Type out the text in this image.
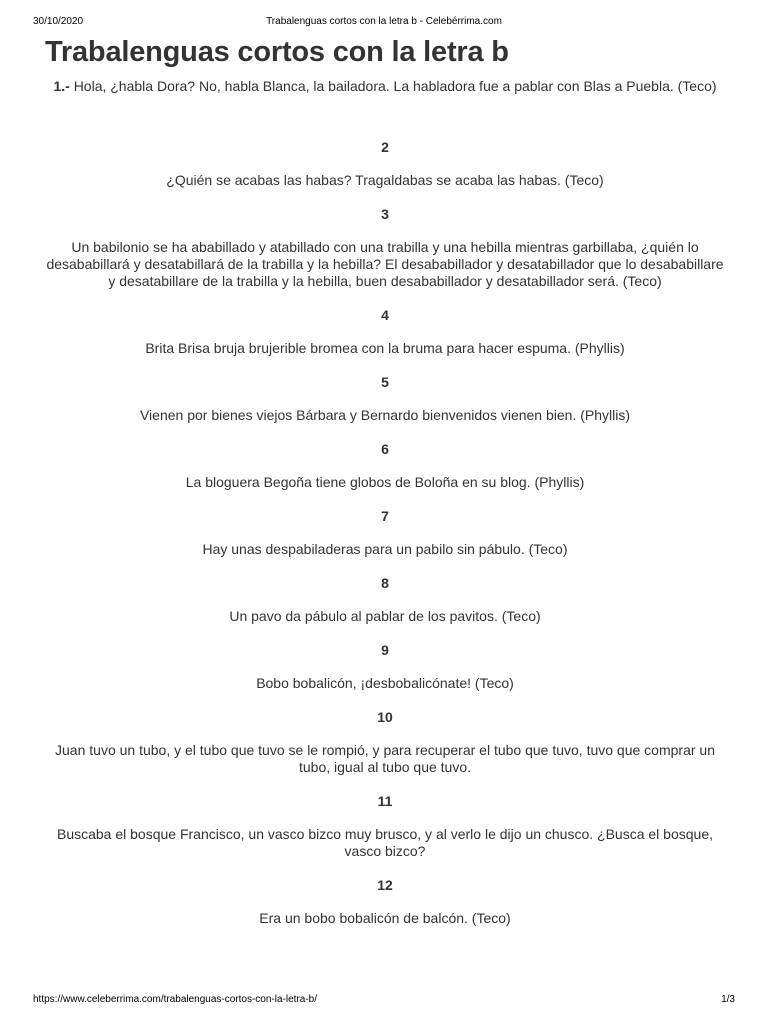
30/10/2020	Trabalenguas cortos con la letra b - Celebérrima.com
Trabalenguas cortos con la letra b

1.- Hola, ¿habla Dora? No, habla Blanca, la bailadora. La habladora fue a pablar con Blas a Puebla. (Teco)

2

¿Quién se acabas las habas? Tragaldabas se acaba las habas. (Teco)

3

Un babilonio se ha ababillado y atabillado con una trabilla y una hebilla mientras garbillaba, ¿quién lo desababillará y desatabillará de la trabilla y la hebilla? El desababillador y desatabillador que lo desababillare y desatabillare de la trabilla y la hebilla, buen desababillador y desatabillador será. (Teco)

4

Brita Brisa bruja brujerible bromea con la bruma para hacer espuma. (Phyllis)

5

Vienen por bienes viejos Bárbara y Bernardo bienvenidos vienen bien. (Phyllis)

6

La bloguera Begoña tiene globos de Boloña en su blog. (Phyllis)

7

Hay unas despabiladeras para un pabilo sin pábulo. (Teco)

8

Un pavo da pábulo al pablar de los pavitos. (Teco)

9

Bobo bobalicón, ¡desbobalicónate! (Teco)

10

Juan tuvo un tubo, y el tubo que tuvo se le rompió, y para recuperar el tubo que tuvo, tuvo que comprar un tubo, igual al tubo que tuvo.

11

Buscaba el bosque Francisco, un vasco bizco muy brusco, y al verlo le dijo un chusco. ¿Busca el bosque, vasco bizco?

12

Era un bobo bobalicón de balcón. (Teco)

https://www.celeberrima.com/trabalenguas-cortos-con-la-letra-b/	1/3
